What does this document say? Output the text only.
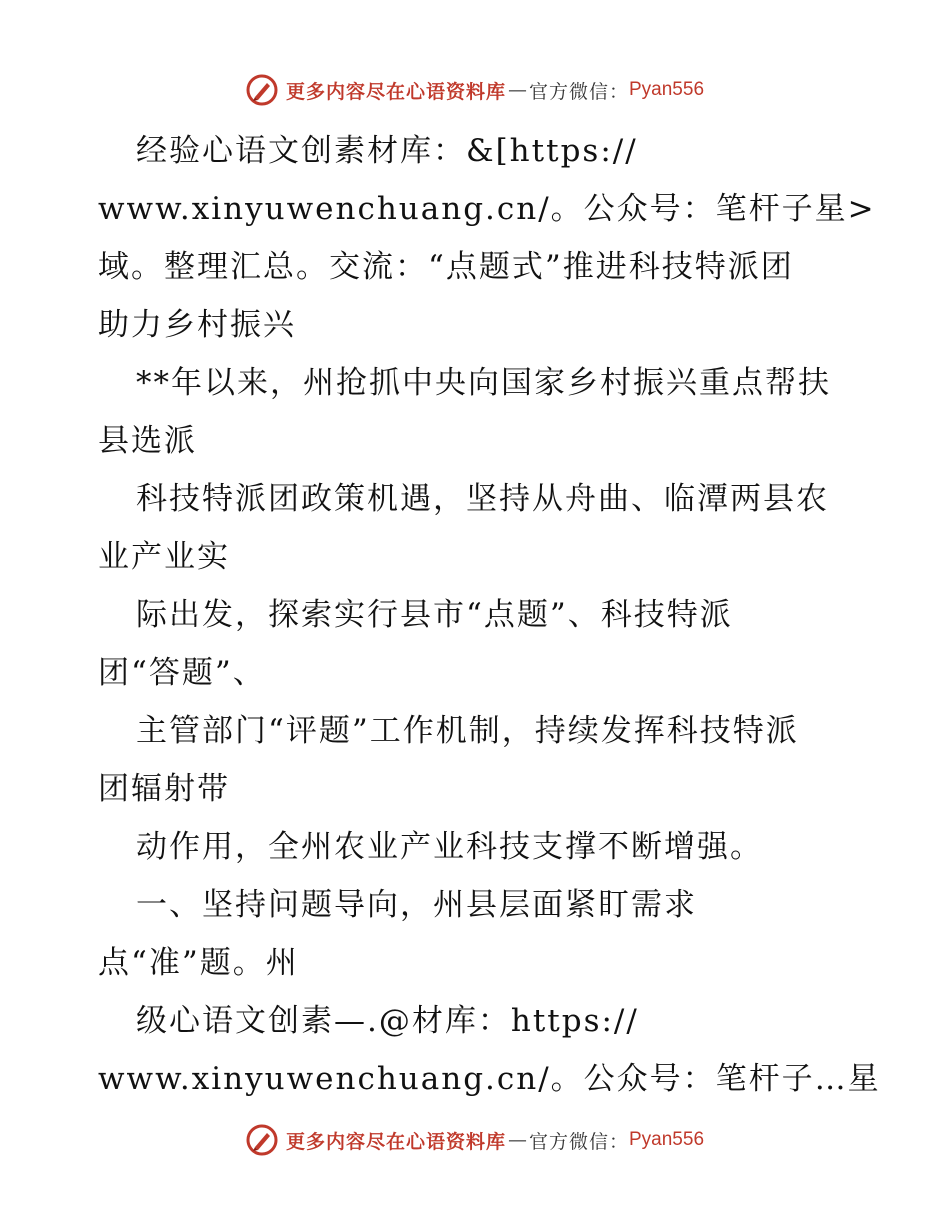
更多内容尽在心语资料库 — 官方微信： Pyan556
经验心语文创素材库：&[https://
www.xinyuwenchuang.cn/。公众号：笔杆子星>
域。整理汇总。交流：“点题式”推进科技特派团
助力乡村振兴
**年以来，州抢抓中央向国家乡村振兴重点帮扶
县选派
科技特派团政策机遇，坚持从舟曲、临潭两县农
业产业实
际出发，探索实行县市“点题”、科技特派
团“答题”、
主管部门“评题”工作机制，持续发挥科技特派
团辐射带
动作用，全州农业产业科技支撑不断增强。
一、坚持问题导向，州县层面紧盯需求
点“准”题。州
级心语文创素—.@材库：https://
www.xinyuwenchuang.cn/。公众号：笔杆子…星
更多内容尽在心语资料库 — 官方微信： Pyan556
